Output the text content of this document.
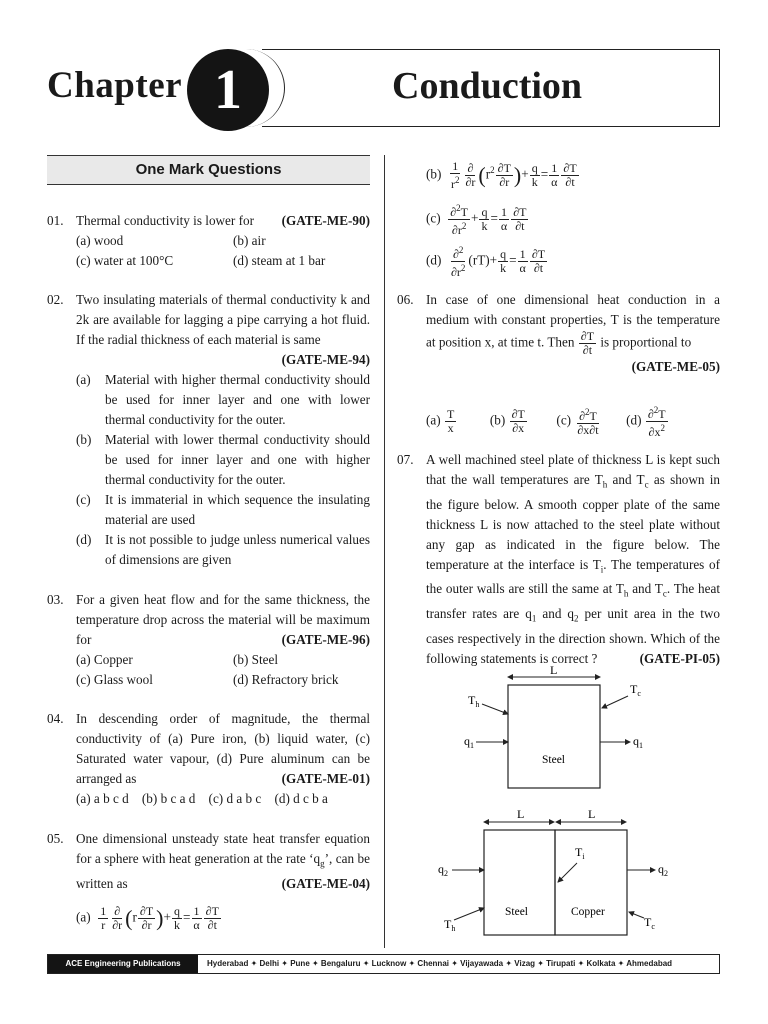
Chapter 1	Conduction
One Mark Questions
01. Thermal conductivity is lower for (GATE-ME-90)
(a) wood	(b) air
(c) water at 100°C	(d) steam at 1 bar
02. Two insulating materials of thermal conductivity k and 2k are available for lagging a pipe carrying a hot fluid. If the radial thickness of each material is same
(GATE-ME-94)
(a) Material with higher thermal conductivity should be used for inner layer and one with lower thermal conductivity for the outer.
(b) Material with lower thermal conductivity should be used for inner layer and one with higher thermal conductivity for the outer.
(c) It is immaterial in which sequence the insulating material are used
(d) It is not possible to judge unless numerical values of dimensions are given
03. For a given heat flow and for the same thickness, the temperature drop across the material will be maximum for	(GATE-ME-96)
(a) Copper	(b) Steel
(c) Glass wool	(d) Refractory brick
04. In descending order of magnitude, the thermal conductivity of (a) Pure iron, (b) liquid water, (c) Saturated water vapour, (d) Pure aluminum can be arranged as	(GATE-ME-01)
(a) a b c d    (b) b c a d    (c) d a b c    (d) d c b a
05. One dimensional unsteady state heat transfer equation for a sphere with heat generation at the rate ‘$q_g$’, can be written as	(GATE-ME-04)
$(a) \frac{1}{r} \frac{\partial}{\partial r} (r \frac{\partial T}{\partial r}$ )+ $\frac{q}{k} = \frac{1}{\alpha} \frac{\partial T}{\partial t}$
$(b) \frac{1}{r^2} \frac{\partial}{\partial r} (r^2 \frac{\partial T}{\partial r}$ )+ $\frac{q}{k} = \frac{1}{\alpha} \frac{\partial T}{\partial t}$
$(c) \frac{\partial^2T}{\partial r^2} + \frac{q}{k} = \frac{1}{\alpha} \frac{\partial T}{\partial t}$
$(d) \frac{\partial^2}{\partial r^2} (rT)+ \frac{q}{k} = \frac{1}{\alpha} \frac{\partial T}{\partial t}$
06. In case of one dimensional heat conduction in a medium with constant properties, T is the temperature at position x, at time t. Then $\frac{\partial T}{\partial t}$ is proportional to
(GATE-ME-05)
$(a) \frac{T}{x}$	$(b) \frac{\partial T}{\partial x} (c) \frac{\partial^2T}{\partial x\partial t} (d) \frac{\partial^2T}{\partial x^2}$
07. A well machined steel plate of thickness L is kept such that the wall temperatures are $T_h$ and $T_c$ as shown in the figure below. A smooth copper plate of the same thickness L is now attached to the steel plate without any gap as indicated in the figure below. The temperature at the interface is $T_i$. The temperatures of the outer walls are still the same at $T_h$ and $T_c$. The heat transfer rates are $q_1$ and $q_2$ per unit area in the two cases respectively in the direction shown. Which of the following statements is correct ?	(GATE-PI-05)
L
Steel
$T_h$
$T_c$
$q_1$	$q_1$
L	L
Steel	Copper
$T_i$
$q_2$	$q_2$
$T_h$	$T_c$
ACE Engineering Publications	Hyderabad ✦ Delhi ✦ Pune ✦ Bengaluru ✦ Lucknow ✦ Chennai ✦ Vijayawada ✦ Vizag ✦ Tirupati ✦ Kolkata ✦ Ahmedabad
